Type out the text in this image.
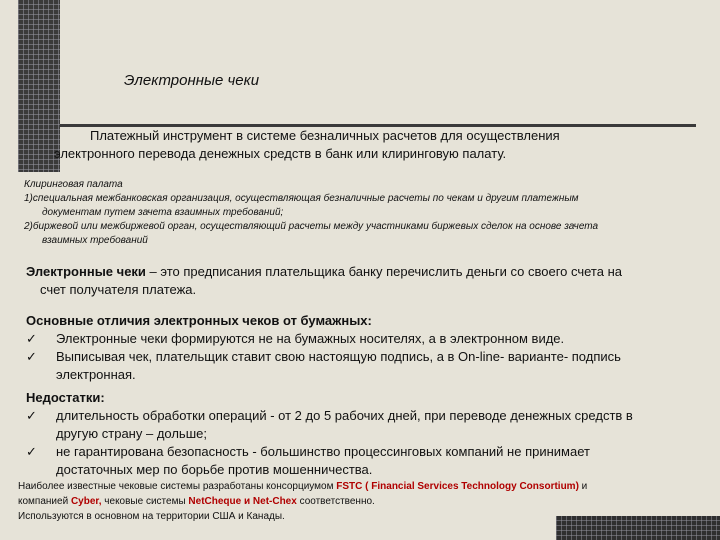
Электронные чеки
Платежный инструмент в системе безналичных расчетов для осуществления
электронного перевода денежных средств в банк или клиринговую палату.
Клиринговая палата
1)специальная межбанковская организация, осуществляющая безналичные расчеты по чекам и другим платежным
документам путем зачета взаимных требований;
2)биржевой или межбиржевой орган, осуществляющий расчеты между участниками биржевых сделок на основе зачета
взаимных требований
Электронные чеки – это предписания плательщика банку перечислить деньги со своего счета на
счет получателя платежа.
Основные отличия электронных чеков от бумажных:
✓ Электронные чеки формируются не на бумажных носителях, а в электронном виде.
✓ Выписывая чек, плательщик ставит свою настоящую подпись, а в On-line- варианте- подпись
электронная.
Недостатки:
✓ длительность обработки операций - от 2 до 5 рабочих дней, при переводе денежных средств в
другую страну – дольше;
✓ не гарантирована безопасность - большинство процессинговых компаний не принимает
достаточных мер по борьбе против мошенничества.
Наиболее известные чековые системы разработаны консорциумом FSTC ( Financial Services Technology Consortium) и
компанией Cyber, чековые системы NetCheque и Net-Chex соответственно.
Используются в основном на территории США и Канады.
